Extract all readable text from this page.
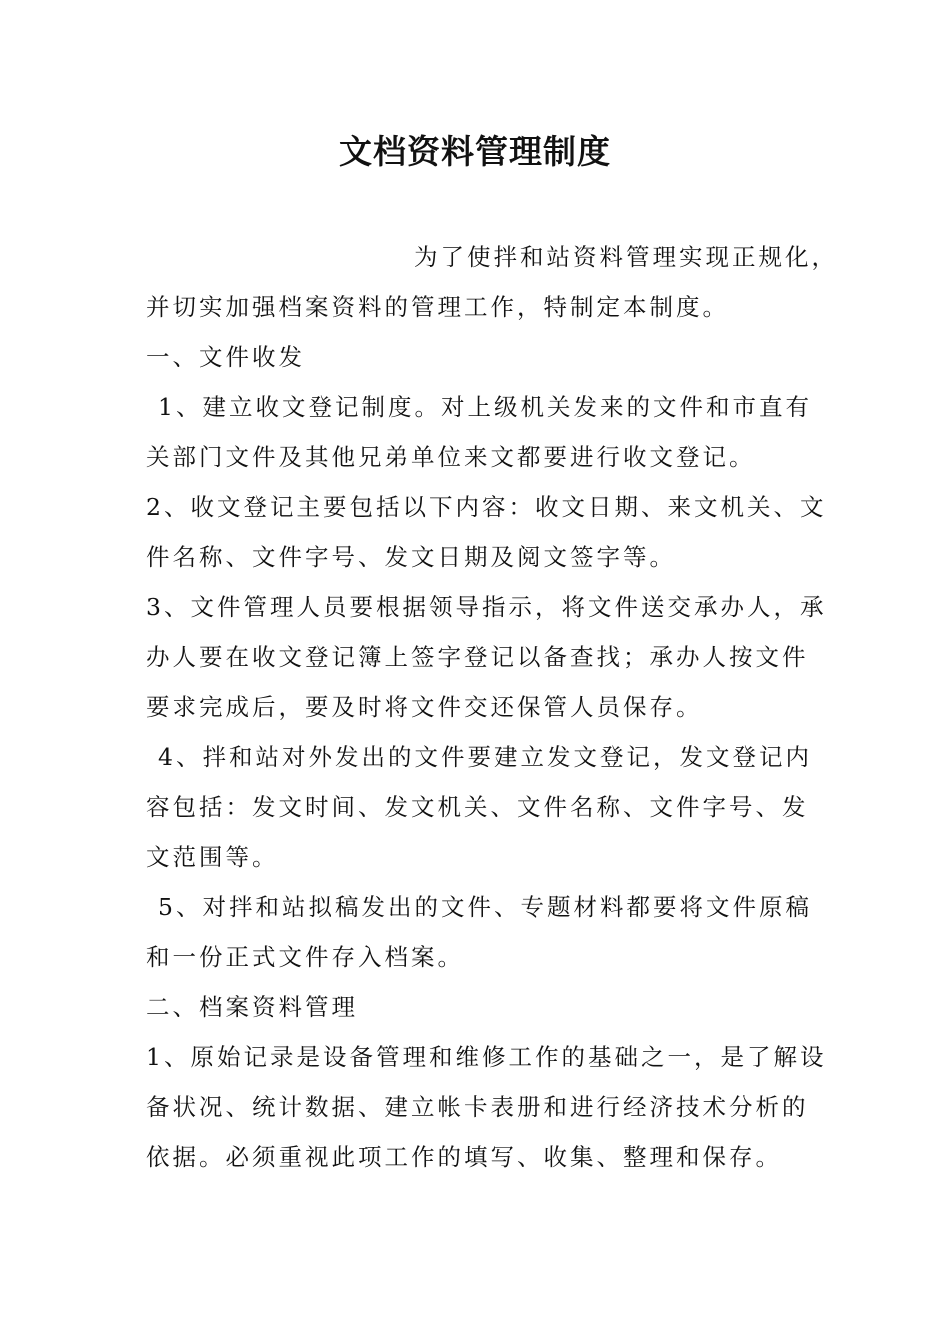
文档资料管理制度
为了使拌和站资料管理实现正规化，
并切实加强档案资料的管理工作，特制定本制度。
一、文件收发
1、建立收文登记制度。对上级机关发来的文件和市直有
关部门文件及其他兄弟单位来文都要进行收文登记。
2、收文登记主要包括以下内容：收文日期、来文机关、文
件名称、文件字号、发文日期及阅文签字等。
3、文件管理人员要根据领导指示，将文件送交承办人，承
办人要在收文登记簿上签字登记以备查找；承办人按文件
要求完成后，要及时将文件交还保管人员保存。
4、拌和站对外发出的文件要建立发文登记，发文登记内
容包括：发文时间、发文机关、文件名称、文件字号、发
文范围等。
5、对拌和站拟稿发出的文件、专题材料都要将文件原稿
和一份正式文件存入档案。
二、档案资料管理
1、原始记录是设备管理和维修工作的基础之一，是了解设
备状况、统计数据、建立帐卡表册和进行经济技术分析的
依据。必须重视此项工作的填写、收集、整理和保存。
